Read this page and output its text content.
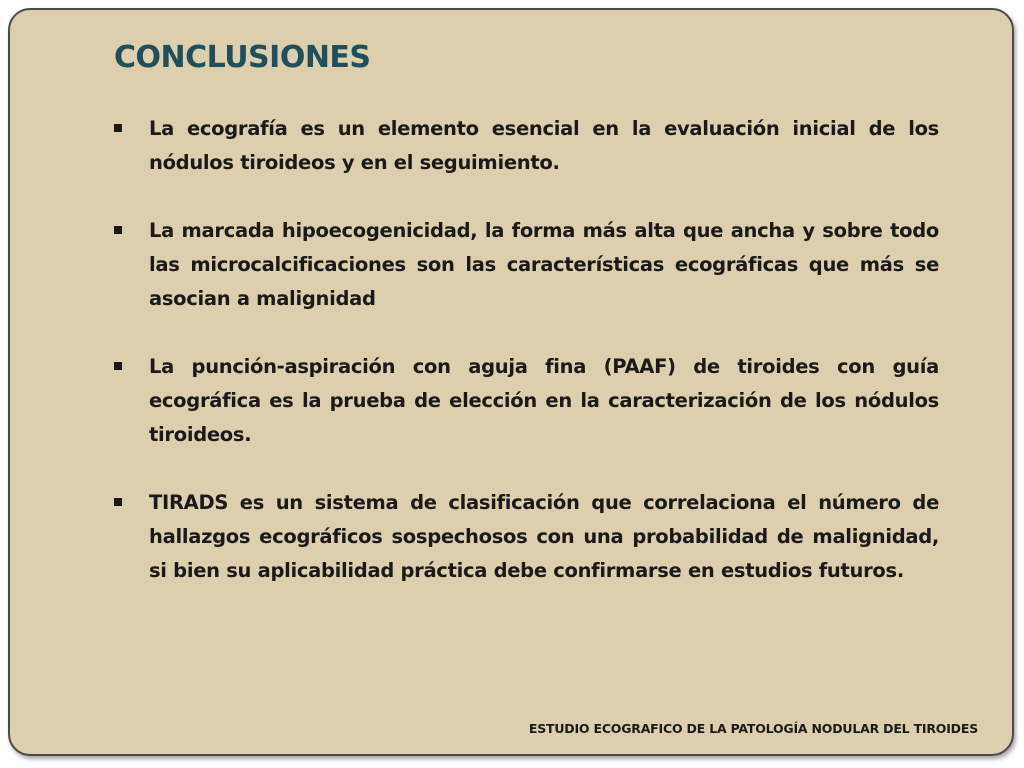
CONCLUSIONES
La ecografía es un elemento esencial en la evaluación inicial de los nódulos tiroideos y en el seguimiento.
La marcada hipoecogenicidad, la forma más alta que ancha y sobre todo las microcalcificaciones son las características ecográficas que más se asocian a malignidad
La punción-aspiración con aguja fina (PAAF) de tiroides con guía ecográfica es la prueba de elección en la caracterización de los nódulos tiroideos.
TIRADS es un sistema de clasificación que correlaciona el número de hallazgos ecográficos sospechosos con una probabilidad de malignidad, si bien su aplicabilidad práctica debe confirmarse en estudios futuros.

ESTUDIO ECOGRAFICO DE LA PATOLOGÍA NODULAR DEL TIROIDES
